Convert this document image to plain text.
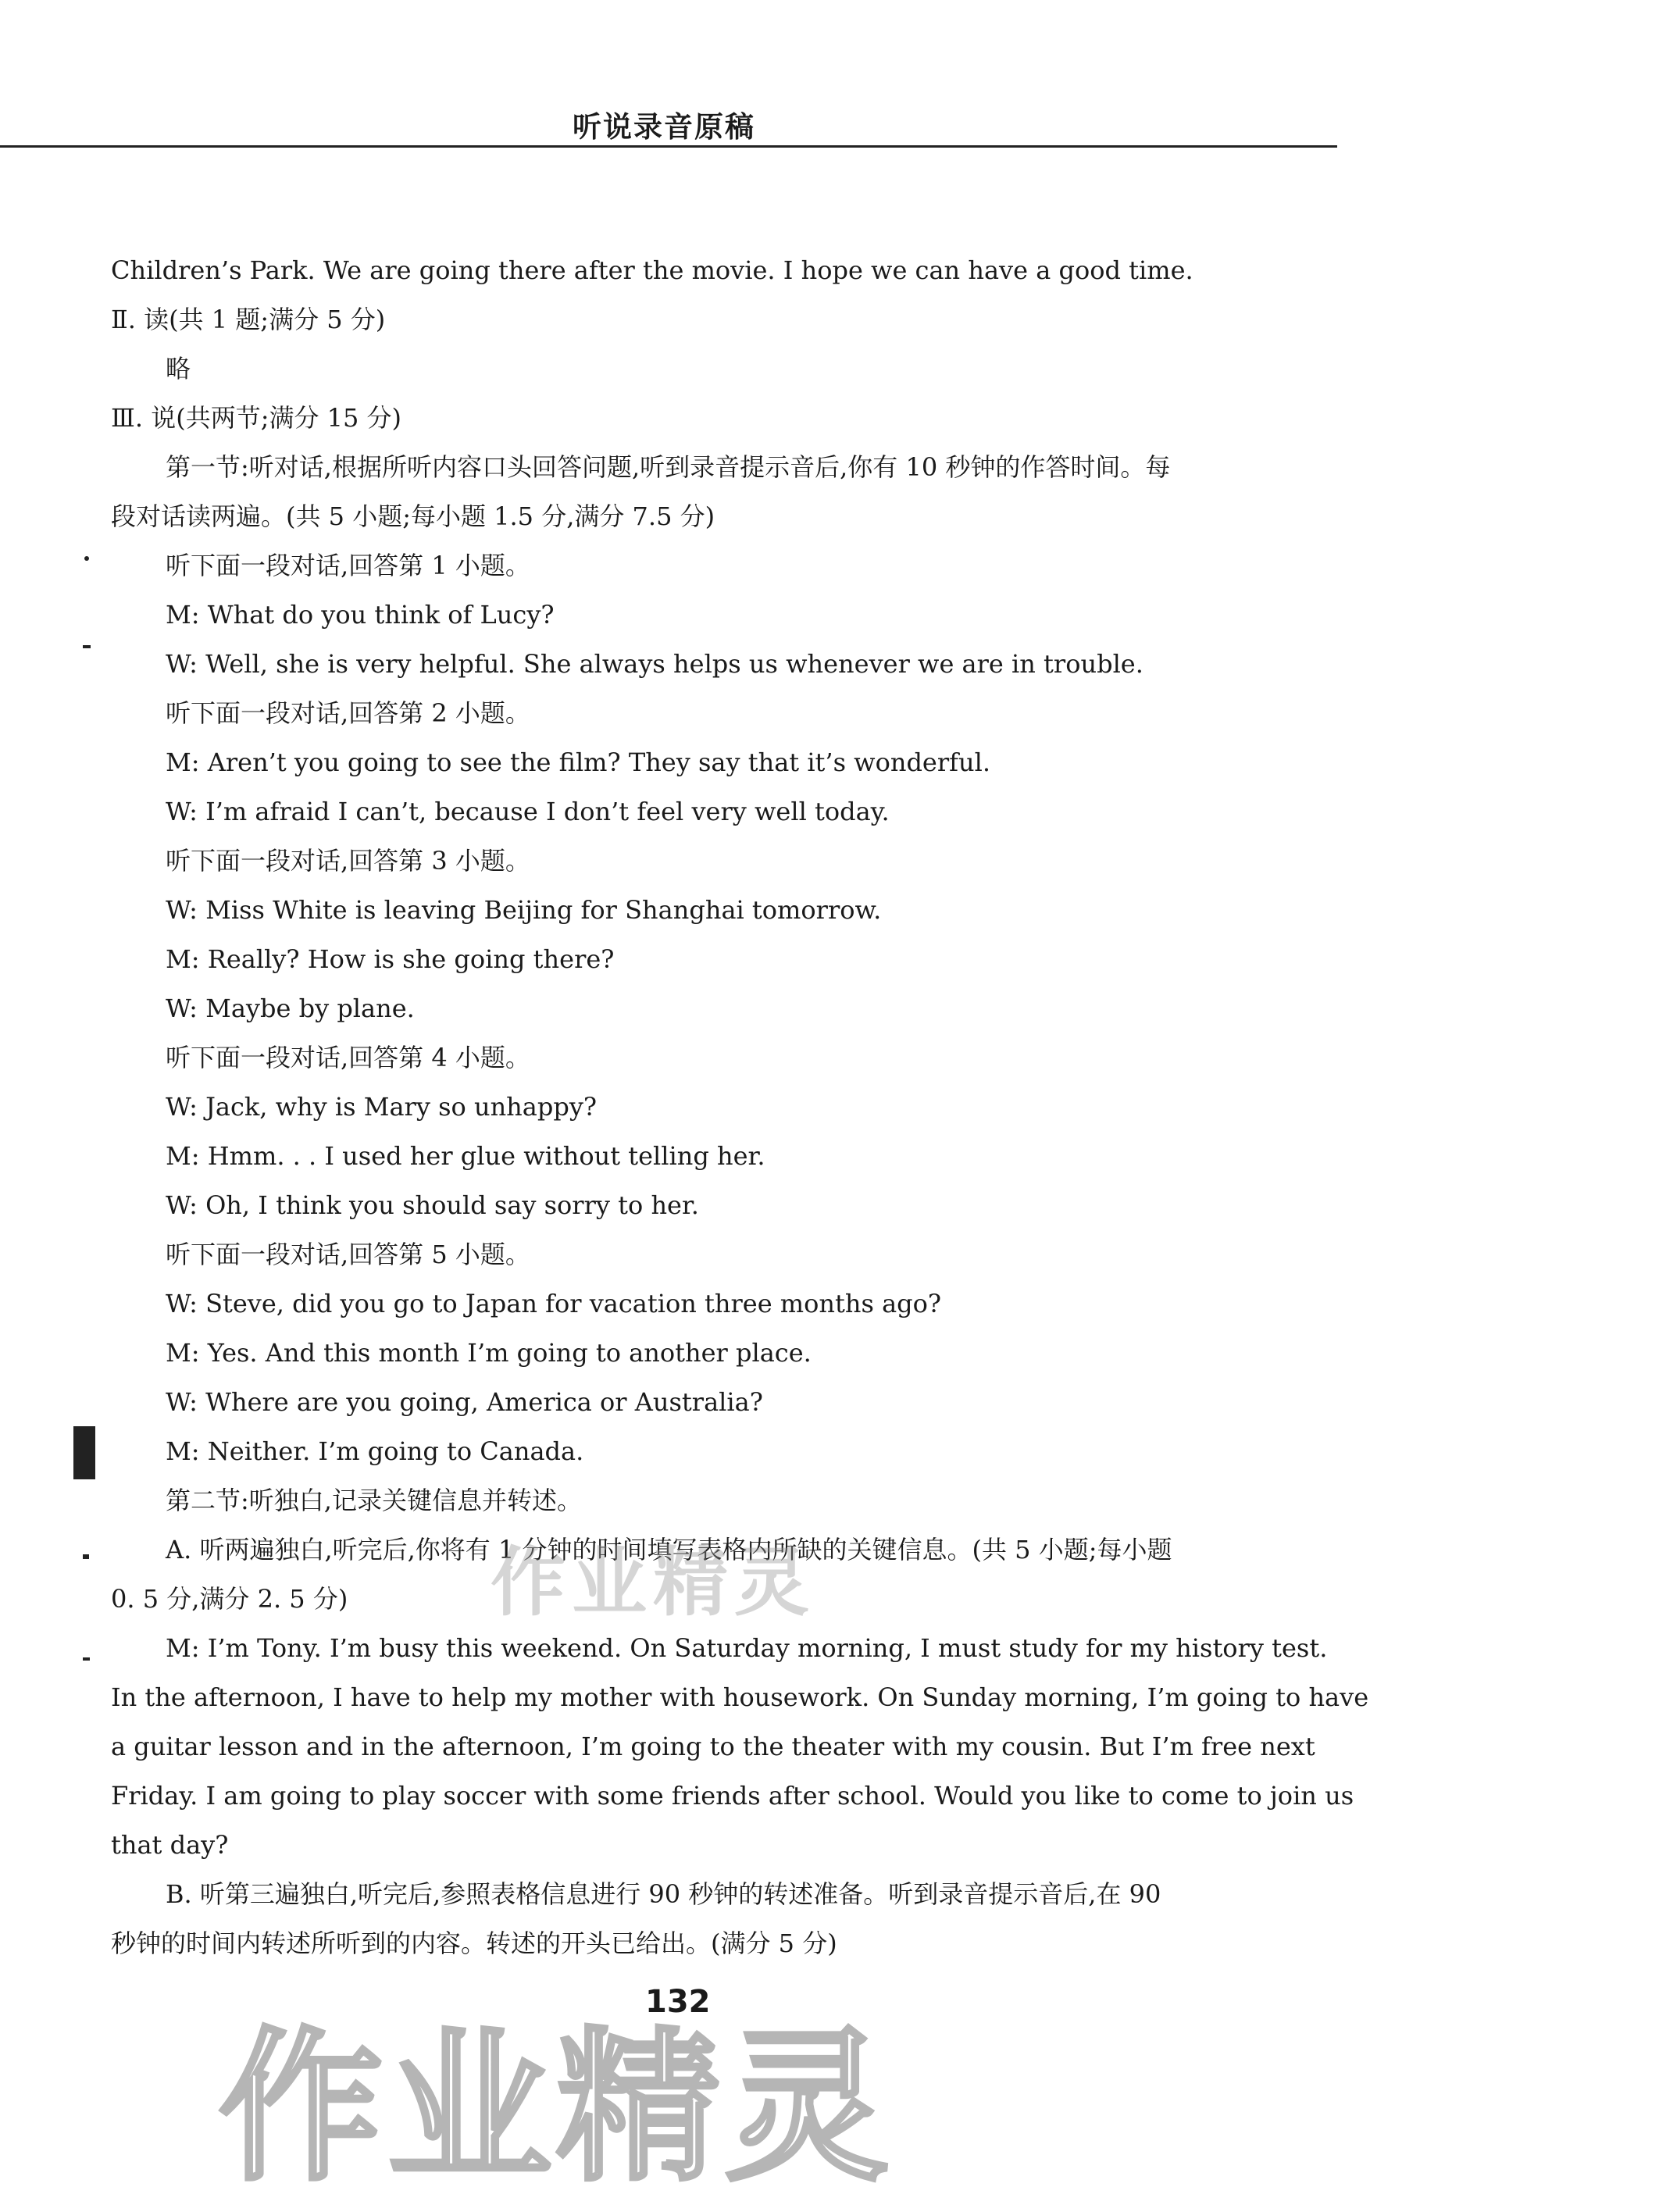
听说录音原稿
Children’s Park. We are going there after the movie. I hope we can have a good time.
Ⅱ. 读(共 1 题;满分 5 分)
略
Ⅲ. 说(共两节;满分 15 分)
第一节:听对话,根据所听内容口头回答问题,听到录音提示音后,你有 10 秒钟的作答时间。每
段对话读两遍。(共 5 小题;每小题 1.5 分,满分 7.5 分)
听下面一段对话,回答第 1 小题。
M: What do you think of Lucy?
W: Well, she is very helpful. She always helps us whenever we are in trouble.
听下面一段对话,回答第 2 小题。
M: Aren’t you going to see the film? They say that it’s wonderful.
W: I’m afraid I can’t, because I don’t feel very well today.
听下面一段对话,回答第 3 小题。
W: Miss White is leaving Beijing for Shanghai tomorrow.
M: Really? How is she going there?
W: Maybe by plane.
听下面一段对话,回答第 4 小题。
W: Jack, why is Mary so unhappy?
M: Hmm. . . I used her glue without telling her.
W: Oh, I think you should say sorry to her.
听下面一段对话,回答第 5 小题。
W: Steve, did you go to Japan for vacation three months ago?
M: Yes. And this month I’m going to another place.
W: Where are you going, America or Australia?
M: Neither. I’m going to Canada.
第二节:听独白,记录关键信息并转述。
A. 听两遍独白,听完后,你将有 1 分钟的时间填写表格内所缺的关键信息。(共 5 小题;每小题
0. 5 分,满分 2. 5 分)
M: I’m Tony. I’m busy this weekend. On Saturday morning, I must study for my history test.
In the afternoon, I have to help my mother with housework. On Sunday morning, I’m going to have
a guitar lesson and in the afternoon, I’m going to the theater with my cousin. But I’m free next
Friday. I am going to play soccer with some friends after school. Would you like to come to join us
that day?
B. 听第三遍独白,听完后,参照表格信息进行 90 秒钟的转述准备。听到录音提示音后,在 90
秒钟的时间内转述所听到的内容。转述的开头已给出。(满分 5 分)
作业精灵
作业精灵
132
